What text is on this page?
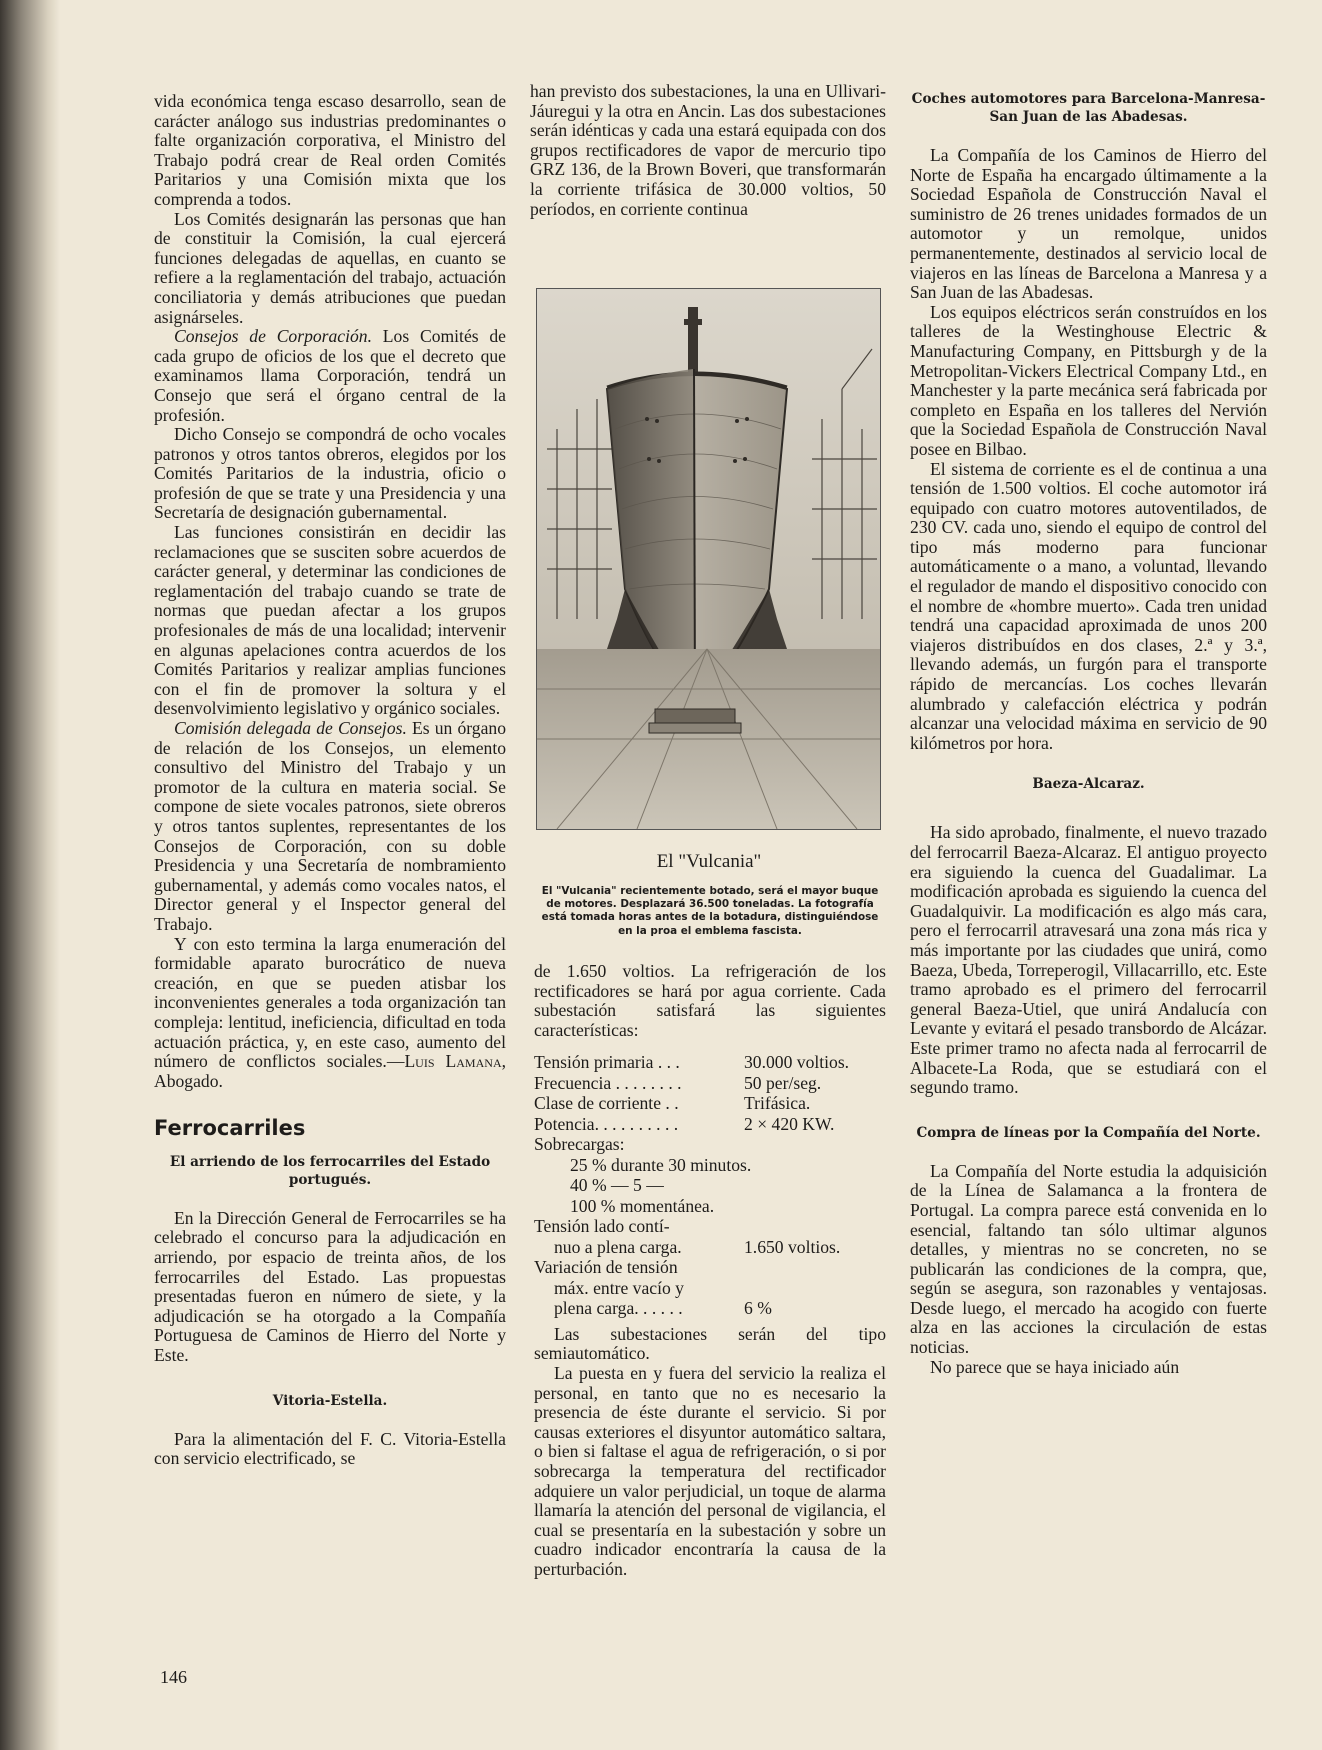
vida económica tenga escaso desarrollo, sean de carácter análogo sus industrias predominantes o falte organización corporativa, el Ministro del Trabajo podrá crear de Real orden Comités Paritarios y una Comisión mixta que los comprenda a todos.

Los Comités designarán las personas que han de constituir la Comisión, la cual ejercerá funciones delegadas de aquellas, en cuanto se refiere a la reglamentación del trabajo, actuación conciliatoria y demás atribuciones que puedan asignárseles.

Consejos de Corporación. Los Comités de cada grupo de oficios de los que el decreto que examinamos llama Corporación, tendrá un Consejo que será el órgano central de la profesión.

Dicho Consejo se compondrá de ocho vocales patronos y otros tantos obreros, elegidos por los Comités Paritarios de la industria, oficio o profesión de que se trate y una Presidencia y una Secretaría de designación gubernamental.

Las funciones consistirán en decidir las reclamaciones que se susciten sobre acuerdos de carácter general, y determinar las condiciones de reglamentación del trabajo cuando se trate de normas que puedan afectar a los grupos profesionales de más de una localidad; intervenir en algunas apelaciones contra acuerdos de los Comités Paritarios y realizar amplias funciones con el fin de promover la soltura y el desenvolvimiento legislativo y orgánico sociales.

Comisión delegada de Consejos. Es un órgano de relación de los Consejos, un elemento consultivo del Ministro del Trabajo y un promotor de la cultura en materia social. Se compone de siete vocales patronos, siete obreros y otros tantos suplentes, representantes de los Consejos de Corporación, con su doble Presidencia y una Secretaría de nombramiento gubernamental, y además como vocales natos, el Director general y el Inspector general del Trabajo.

Y con esto termina la larga enumeración del formidable aparato burocrático de nueva creación, en que se pueden atisbar los inconvenientes generales a toda organización tan compleja: lentitud, ineficiencia, dificultad en toda actuación práctica, y, en este caso, aumento del número de conflictos sociales.—Luis Lamana, Abogado.

Ferrocarriles
El arriendo de los ferrocarriles del Estado portugués.

En la Dirección General de Ferrocarriles se ha celebrado el concurso para la adjudicación en arriendo, por espacio de treinta años, de los ferrocarriles del Estado. Las propuestas presentadas fueron en número de siete, y la adjudicación se ha otorgado a la Compañía Portuguesa de Caminos de Hierro del Norte y Este.

Vitoria-Estella.

Para la alimentación del F. C. Vitoria-Estella con servicio electrificado, se

han previsto dos subestaciones, la una en Ullivari-Jáuregui y la otra en Ancin. Las dos subestaciones serán idénticas y cada una estará equipada con dos grupos rectificadores de vapor de mercurio tipo GRZ 136, de la Brown Boveri, que transformarán la corriente trifásica de 30.000 voltios, 50 períodos, en corriente continua

El "Vulcania"
El "Vulcania" recientemente botado, será el mayor buque de motores. Desplazará 36.500 toneladas. La fotografía está tomada horas antes de la botadura, distinguiéndose en la proa el emblema fascista.

de 1.650 voltios. La refrigeración de los rectificadores se hará por agua corriente. Cada subestación satisfará las siguientes características:

Tensión primaria . . .	30.000 voltios.
Frecuencia . . . . . . . .	50 per/seg.
Clase de corriente . .	Trifásica.
Potencia. . . . . . . . . .	2 × 420 KW.
Sobrecargas:
25 % durante 30 minutos.
40 % — 5 —
100 % momentánea.
Tensión lado contí-
nuo a plena carga.	1.650 voltios.
Variación de tensión
máx. entre vacío y
plena carga. . . . . .	6 %

Las subestaciones serán del tipo semiautomático.

La puesta en y fuera del servicio la realiza el personal, en tanto que no es necesario la presencia de éste durante el servicio. Si por causas exteriores el disyuntor automático saltara, o bien si faltase el agua de refrigeración, o si por sobrecarga la temperatura del rectificador adquiere un valor perjudicial, un toque de alarma llamaría la atención del personal de vigilancia, el cual se presentaría en la subestación y sobre un cuadro indicador encontraría la causa de la perturbación.

Coches automotores para Barcelona-Manresa-San Juan de las Abadesas.

La Compañía de los Caminos de Hierro del Norte de España ha encargado últimamente a la Sociedad Española de Construcción Naval el suministro de 26 trenes unidades formados de un automotor y un remolque, unidos permanentemente, destinados al servicio local de viajeros en las líneas de Barcelona a Manresa y a San Juan de las Abadesas.

Los equipos eléctricos serán construídos en los talleres de la Westinghouse Electric & Manufacturing Company, en Pittsburgh y de la Metropolitan-Vickers Electrical Company Ltd., en Manchester y la parte mecánica será fabricada por completo en España en los talleres del Nervión que la Sociedad Española de Construcción Naval posee en Bilbao.

El sistema de corriente es el de continua a una tensión de 1.500 voltios. El coche automotor irá equipado con cuatro motores autoventilados, de 230 CV. cada uno, siendo el equipo de control del tipo más moderno para funcionar automáticamente o a mano, a voluntad, llevando el regulador de mando el dispositivo conocido con el nombre de «hombre muerto». Cada tren unidad tendrá una capacidad aproximada de unos 200 viajeros distribuídos en dos clases, 2.ª y 3.ª, llevando además, un furgón para el transporte rápido de mercancías. Los coches llevarán alumbrado y calefacción eléctrica y podrán alcanzar una velocidad máxima en servicio de 90 kilómetros por hora.

Baeza-Alcaraz.

Ha sido aprobado, finalmente, el nuevo trazado del ferrocarril Baeza-Alcaraz. El antiguo proyecto era siguiendo la cuenca del Guadalimar. La modificación aprobada es siguiendo la cuenca del Guadalquivir. La modificación es algo más cara, pero el ferrocarril atravesará una zona más rica y más importante por las ciudades que unirá, como Baeza, Ubeda, Torreperogil, Villacarrillo, etc. Este tramo aprobado es el primero del ferrocarril general Baeza-Utiel, que unirá Andalucía con Levante y evitará el pesado transbordo de Alcázar. Este primer tramo no afecta nada al ferrocarril de Albacete-La Roda, que se estudiará con el segundo tramo.

Compra de líneas por la Compañía del Norte.

La Compañía del Norte estudia la adquisición de la Línea de Salamanca a la frontera de Portugal. La compra parece está convenida en lo esencial, faltando tan sólo ultimar algunos detalles, y mientras no se concreten, no se publicarán las condiciones de la compra, que, según se asegura, son razonables y ventajosas. Desde luego, el mercado ha acogido con fuerte alza en las acciones la circulación de estas noticias.

No parece que se haya iniciado aún

146
